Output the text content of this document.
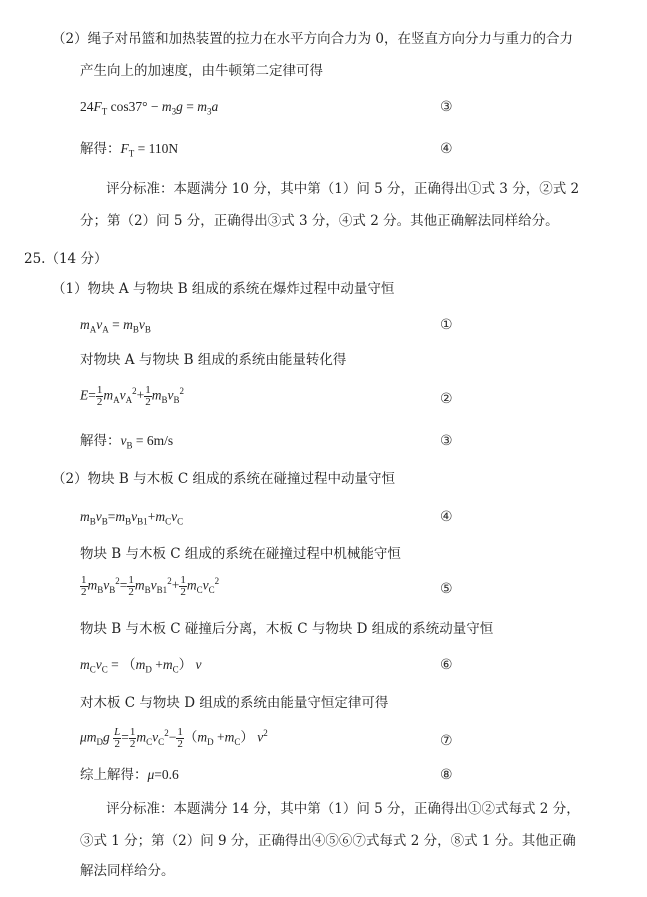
（2）绳子对吊篮和加热装置的拉力在水平方向合力为 0，在竖直方向分力与重力的合力
产生向上的加速度，由牛顿第二定律可得
$24F_T$ $\cos 37^\circ - m_3g = m_3a$	③
解得：$F_T = 110N$	④
评分标准：本题满分 10 分，其中第（1）问 5 分，正确得出①式 3 分，②式 2
分；第（2）问 5 分，正确得出③式 3 分，④式 2 分。其他正确解法同样给分。
25.（14 分）
（1）物块 A 与物块 B 组成的系统在爆炸过程中动量守恒
$m_Av_A = m_Bv_B$	①
对物块 A 与物块 B 组成的系统由能量转化得
$E= \frac{1}{2} m_Av_A^2+ \frac{1}{2} m_Bv_B^2$	②
解得：$v_B = 6m/s$	③
（2）物块 B 与木板 C 组成的系统在碰撞过程中动量守恒
$m_Bv_B=m_Bv_{B1}+m_Cv_C$	④
物块 B 与木板 C 组成的系统在碰撞过程中机械能守恒
$\frac{1}{2} m_Bv_B^2= \frac{1}{2} m_Bv_{B1}^2+ \frac{1}{2} m_Cv_C^2$	⑤
物块 B 与木板 C 碰撞后分离，木板 C 与物块 D 组成的系统动量守恒
$m_Cv_C = (m_D +m_C)$ v	⑥
对木板 C 与物块 D 组成的系统由能量守恒定律可得
$\mu m_Dg \frac{L}{2} = \frac{1}{2} m_Cv_C^2- \frac{1}{2} (m_D +m_C)$ $v^2$	⑦
综上解得：μ=0.6	⑧
评分标准：本题满分 14 分，其中第（1）问 5 分，正确得出①②式每式 2 分，
③式 1 分；第（2）问 9 分，正确得出④⑤⑥⑦式每式 2 分，⑧式 1 分。其他正确
解法同样给分。
